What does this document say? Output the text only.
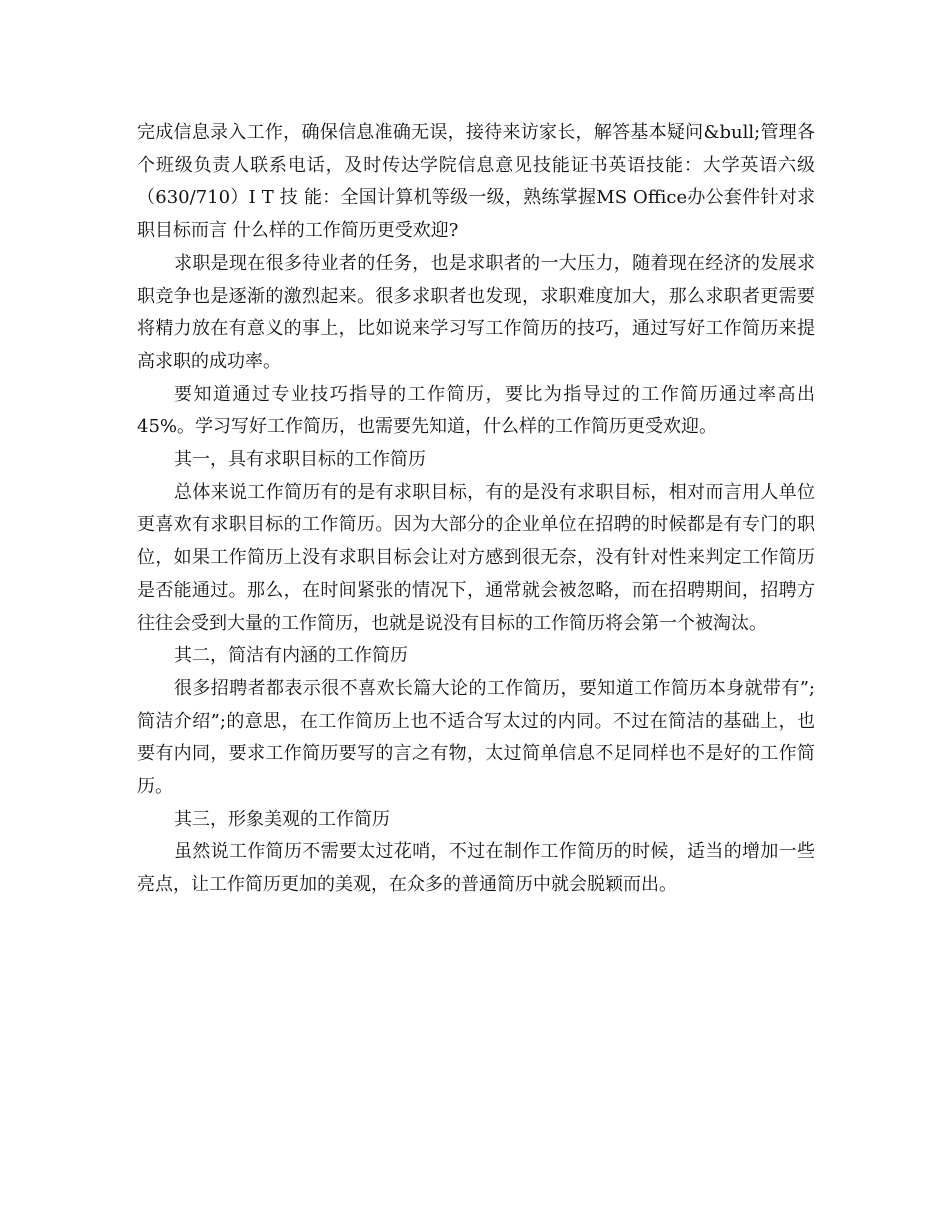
完成信息录入工作，确保信息准确无误，接待来访家长，解答基本疑问&bull;管理各个班级负责人联系电话，及时传达学院信息意见技能证书英语技能：大学英语六级（630/710）I T 技 能：全国计算机等级一级，熟练掌握MS Office办公套件针对求职目标而言 什么样的工作简历更受欢迎?

求职是现在很多待业者的任务，也是求职者的一大压力，随着现在经济的发展求职竞争也是逐渐的激烈起来。很多求职者也发现，求职难度加大，那么求职者更需要将精力放在有意义的事上，比如说来学习写工作简历的技巧，通过写好工作简历来提高求职的成功率。

要知道通过专业技巧指导的工作简历，要比为指导过的工作简历通过率高出45%。学习写好工作简历，也需要先知道，什么样的工作简历更受欢迎。

其一，具有求职目标的工作简历

总体来说工作简历有的是有求职目标，有的是没有求职目标，相对而言用人单位更喜欢有求职目标的工作简历。因为大部分的企业单位在招聘的时候都是有专门的职位，如果工作简历上没有求职目标会让对方感到很无奈，没有针对性来判定工作简历是否能通过。那么，在时间紧张的情况下，通常就会被忽略，而在招聘期间，招聘方往往会受到大量的工作简历，也就是说没有目标的工作简历将会第一个被淘汰。

其二，简洁有内涵的工作简历

很多招聘者都表示很不喜欢长篇大论的工作简历，要知道工作简历本身就带有”;简洁介绍”;的意思，在工作简历上也不适合写太过的内同。不过在简洁的基础上，也要有内同，要求工作简历要写的言之有物，太过简单信息不足同样也不是好的工作简历。

其三，形象美观的工作简历

虽然说工作简历不需要太过花哨，不过在制作工作简历的时候，适当的增加一些亮点，让工作简历更加的美观，在众多的普通简历中就会脱颖而出。
